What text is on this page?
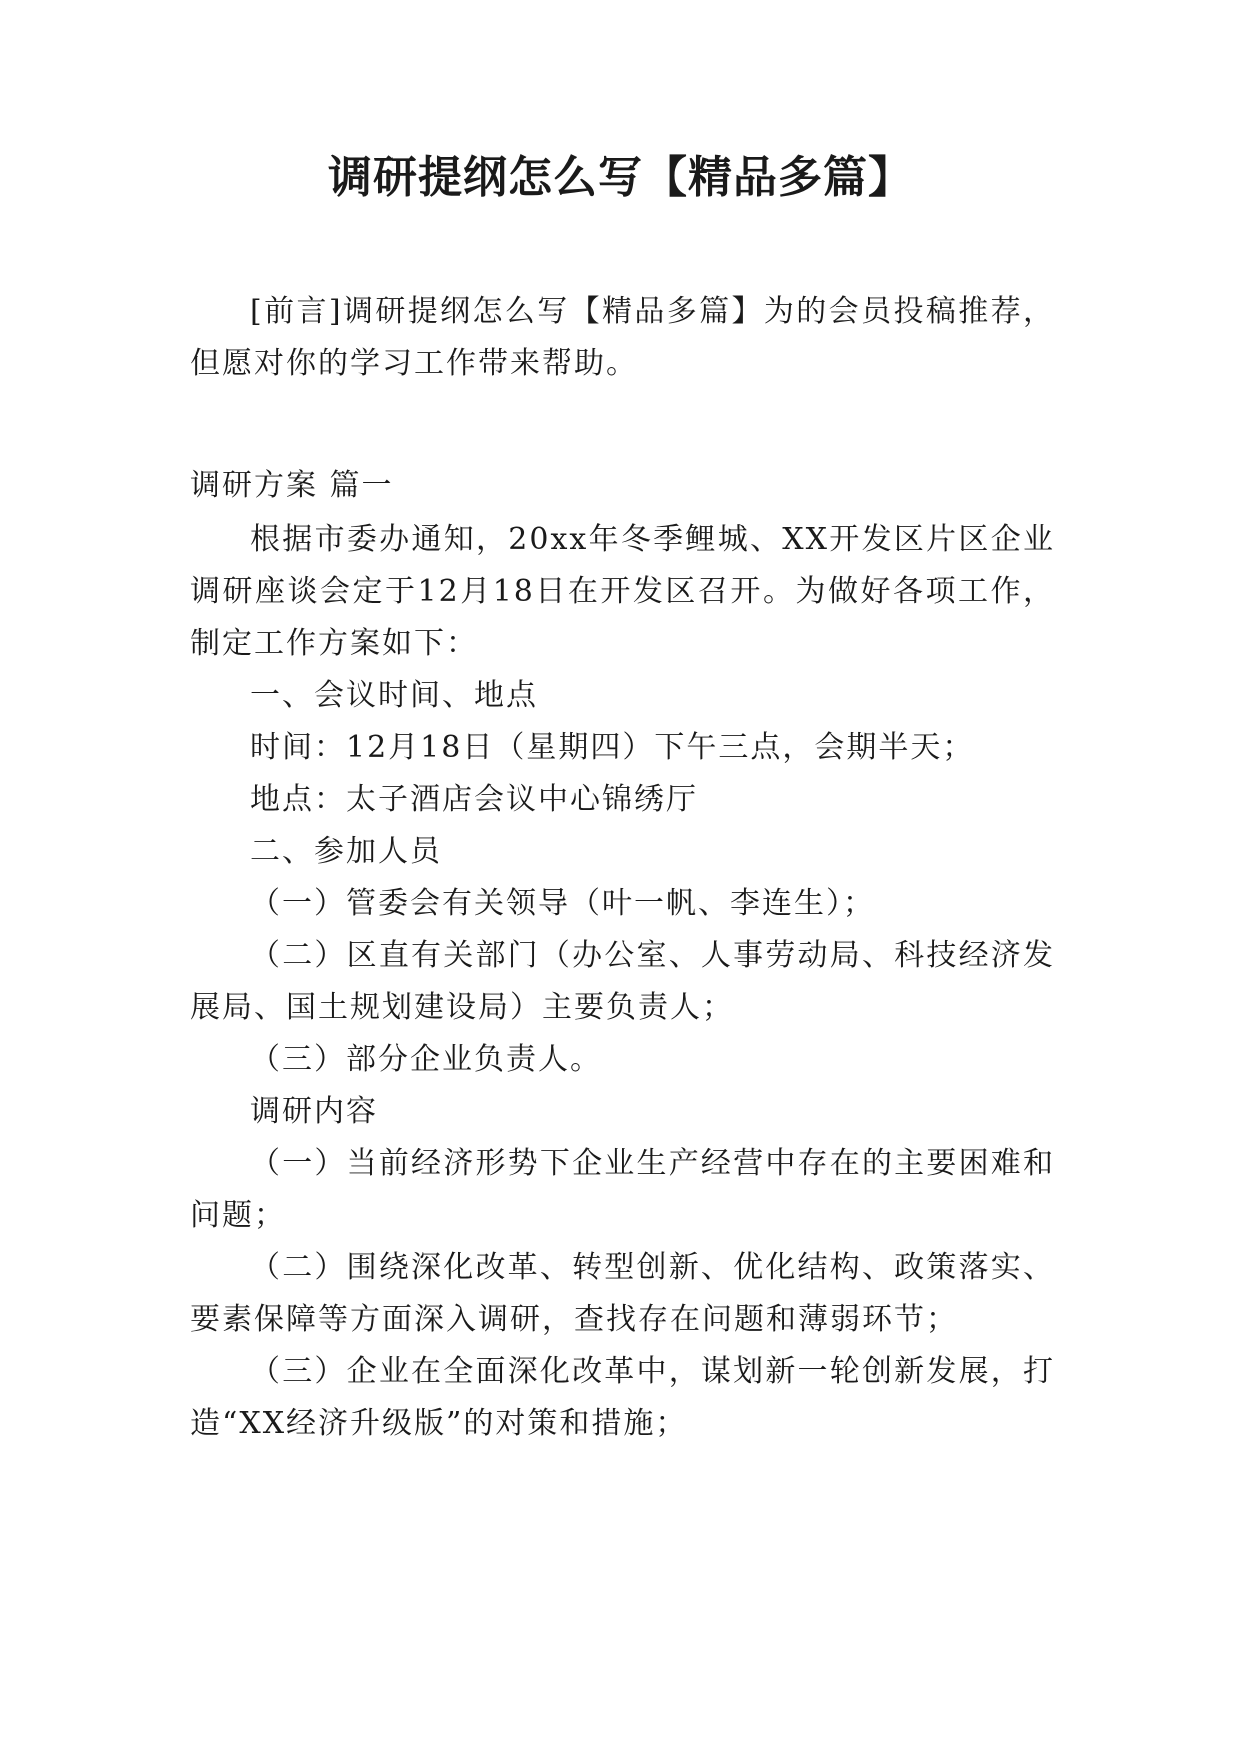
调研提纲怎么写【精品多篇】

[前言]调研提纲怎么写【精品多篇】为的会员投稿推荐，但愿对你的学习工作带来帮助。

调研方案 篇一

根据市委办通知，20xx年冬季鲤城、XX开发区片区企业调研座谈会定于12月18日在开发区召开。为做好各项工作，制定工作方案如下：

一、会议时间、地点

时间：12月18日（星期四）下午三点，会期半天；

地点：太子酒店会议中心锦绣厅

二、参加人员

（一）管委会有关领导（叶一帆、李连生）；

（二）区直有关部门（办公室、人事劳动局、科技经济发展局、国土规划建设局）主要负责人；

（三）部分企业负责人。

调研内容

（一）当前经济形势下企业生产经营中存在的主要困难和问题；

（二）围绕深化改革、转型创新、优化结构、政策落实、要素保障等方面深入调研，查找存在问题和薄弱环节；

（三）企业在全面深化改革中，谋划新一轮创新发展，打造“XX经济升级版”的对策和措施；
